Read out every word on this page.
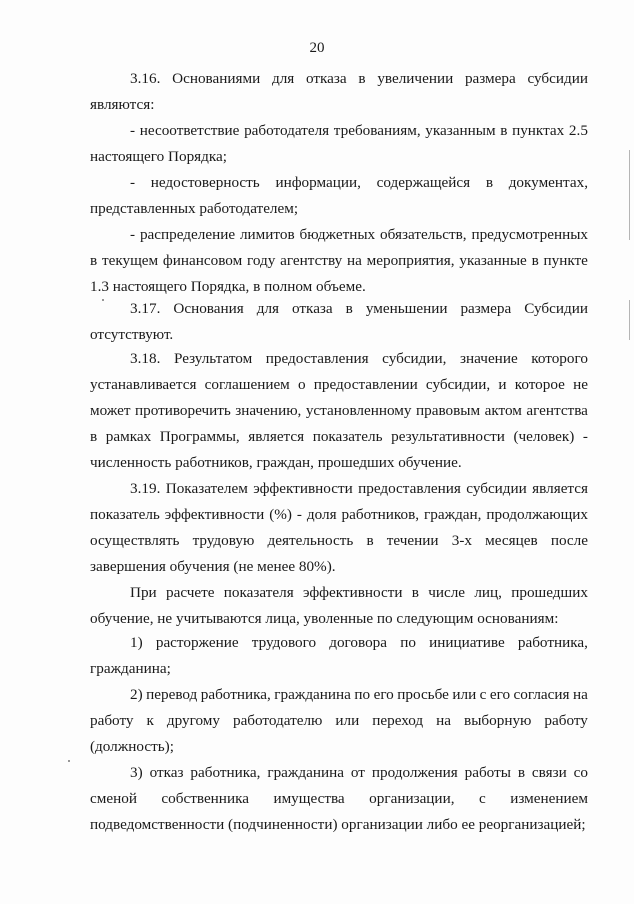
20
3.16. Основаниями для отказа в увеличении размера субсидии
являются:
- несоответствие работодателя требованиям, указанным в пунктах 2.5
настоящего Порядка;
- недостоверность информации, содержащейся в документах,
представленных работодателем;
- распределение лимитов бюджетных обязательств, предусмотренных
в текущем финансовом году агентству на мероприятия, указанные в пункте
1.3 настоящего Порядка, в полном объеме.
3.17. Основания для отказа в уменьшении размера Субсидии
отсутствуют.
3.18. Результатом предоставления субсидии, значение которого
устанавливается соглашением о предоставлении субсидии, и которое не
может противоречить значению, установленному правовым актом агентства
в рамках Программы, является показатель результативности (человек) -
численность работников, граждан, прошедших обучение.
3.19. Показателем эффективности предоставления субсидии является
показатель эффективности (%) - доля работников, граждан, продолжающих
осуществлять трудовую деятельность в течении 3-х месяцев после
завершения обучения (не менее 80%).
При расчете показателя эффективности в числе лиц, прошедших
обучение, не учитываются лица, уволенные по следующим основаниям:
1) расторжение трудового договора по инициативе работника,
гражданина;
2) перевод работника, гражданина по его просьбе или с его согласия на
работу к другому работодателю или переход на выборную работу
(должность);
3) отказ работника, гражданина от продолжения работы в связи со
сменой собственника имущества организации, с изменением
подведомственности (подчиненности) организации либо ее реорганизацией;
